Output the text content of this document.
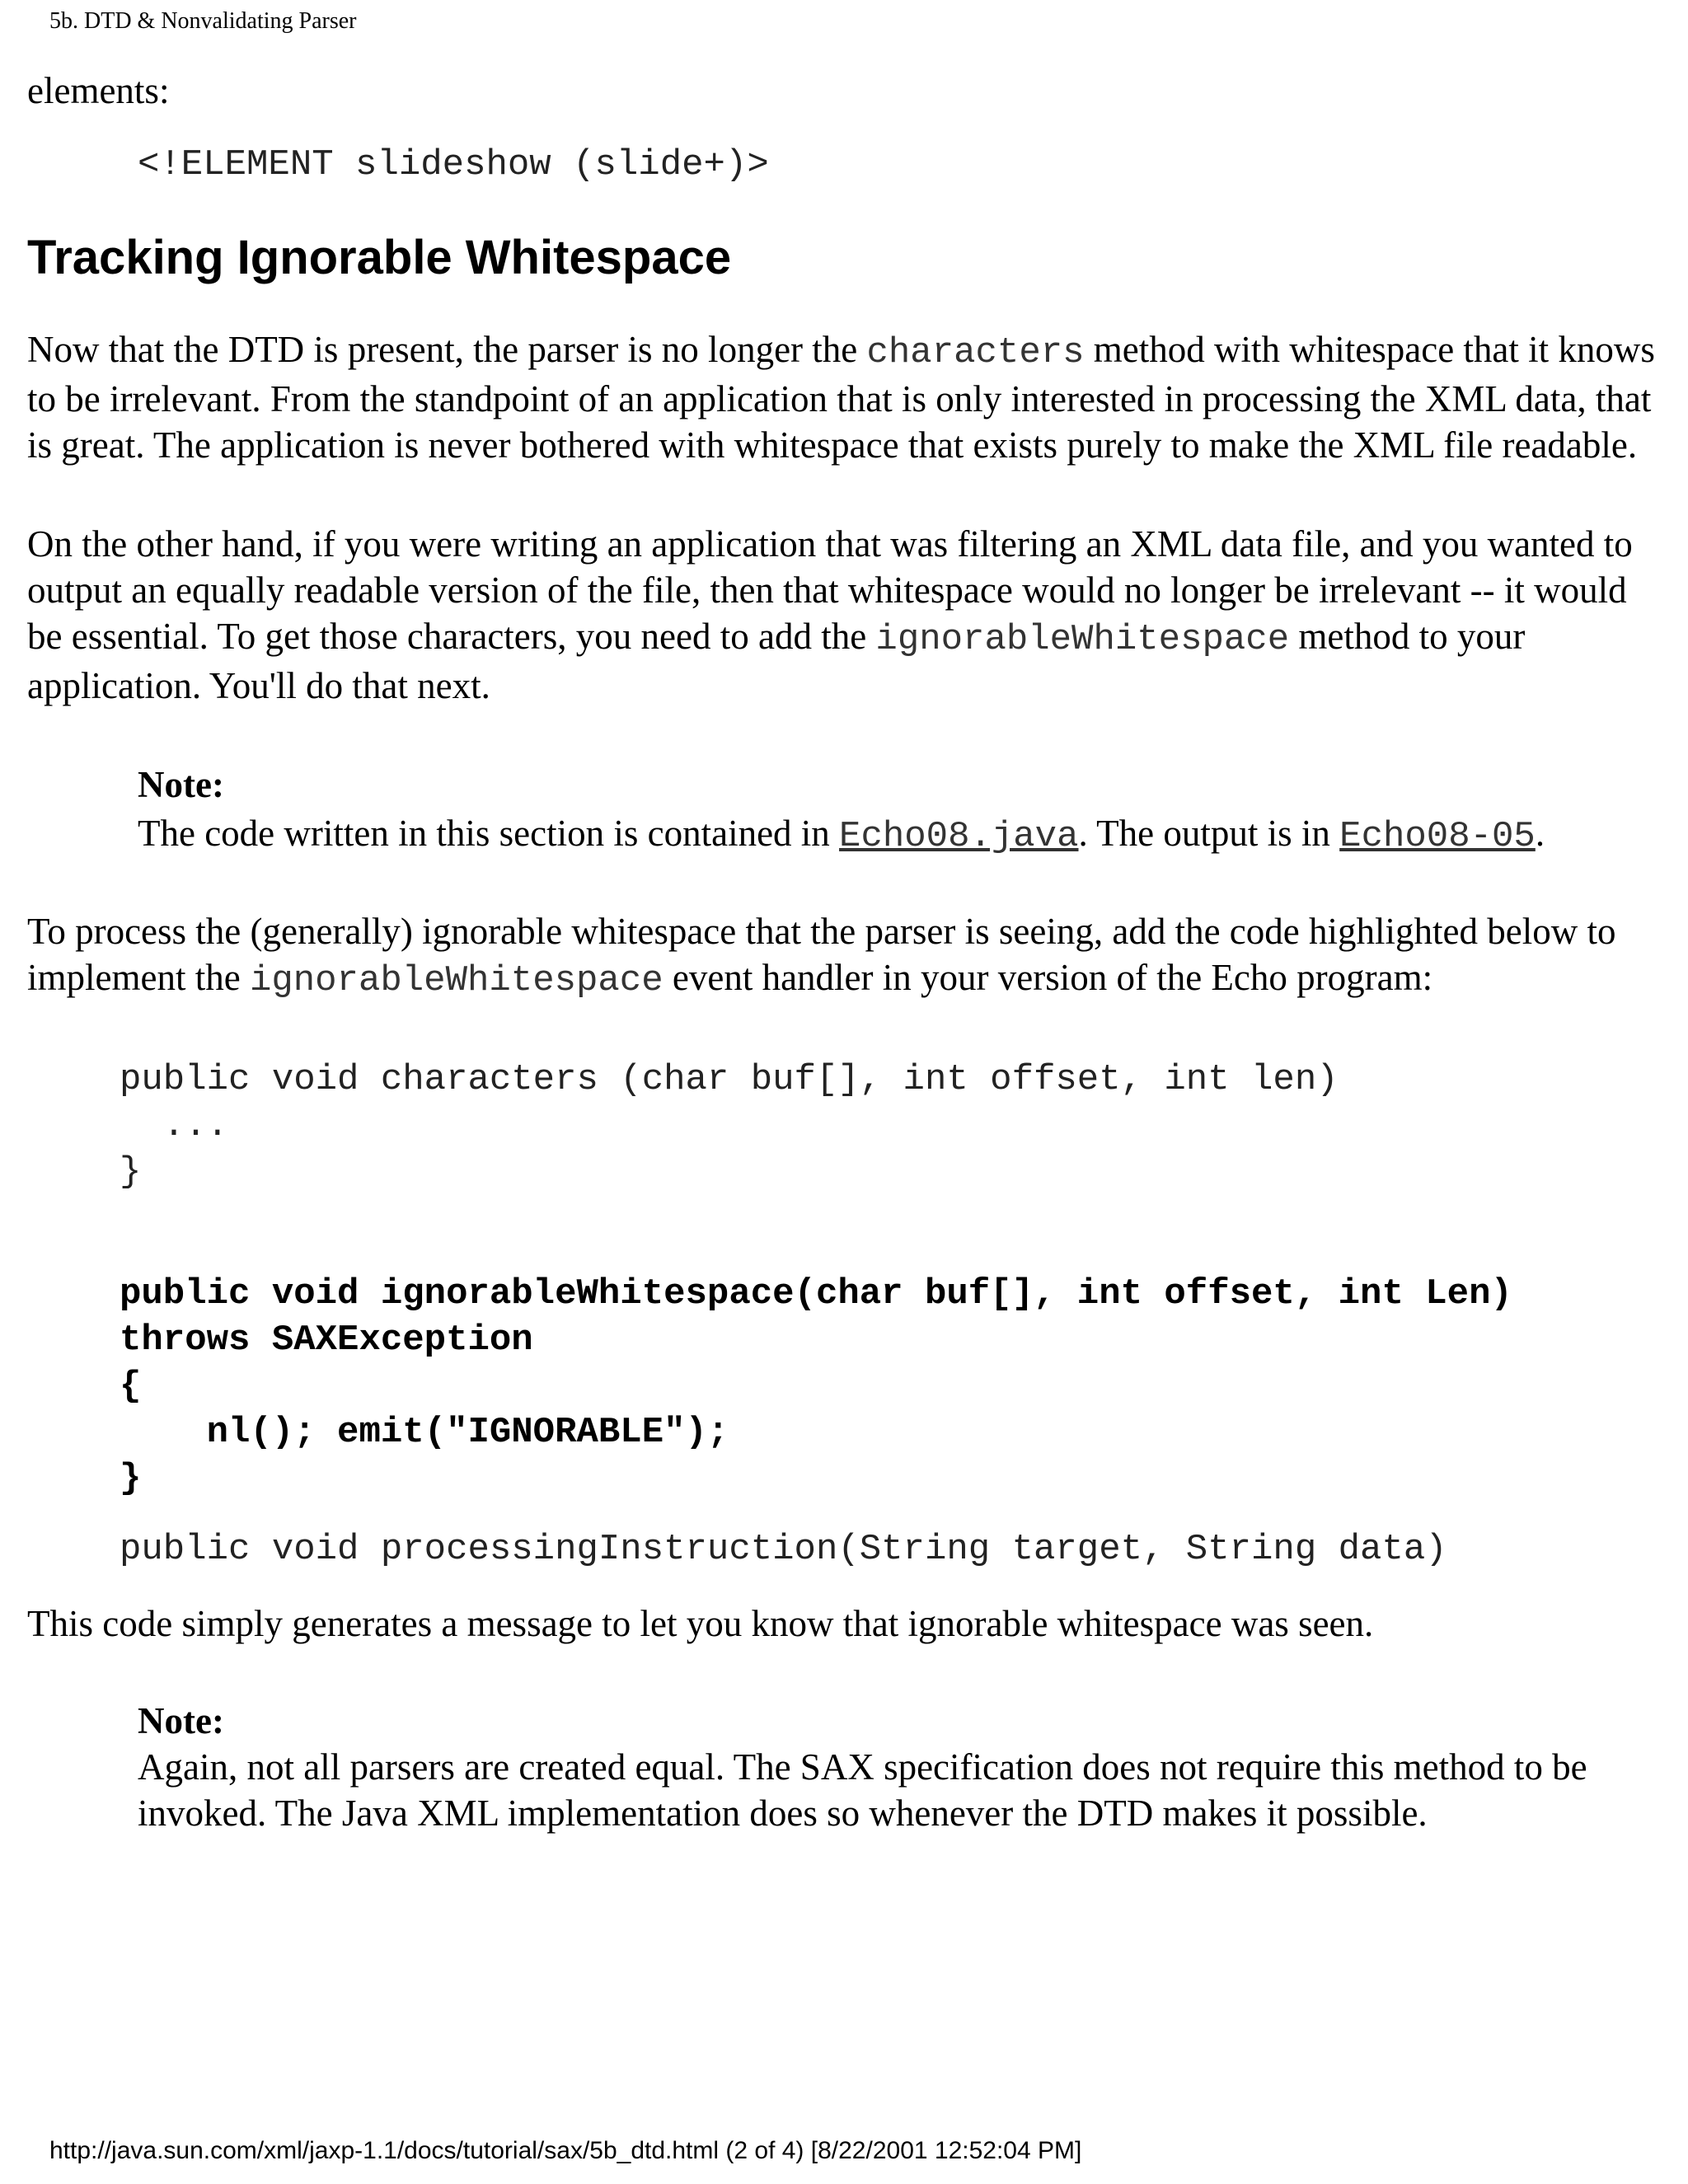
5b. DTD & Nonvalidating Parser

elements:

<!ELEMENT slideshow (slide+)>
Tracking Ignorable Whitespace

Now that the DTD is present, the parser is no longer the characters method with whitespace that it knows to be irrelevant. From the standpoint of an application that is only interested in processing the XML data, that is great. The application is never bothered with whitespace that exists purely to make the XML file readable.

On the other hand, if you were writing an application that was filtering an XML data file, and you wanted to output an equally readable version of the file, then that whitespace would no longer be irrelevant -- it would be essential. To get those characters, you need to add the ignorableWhitespace method to your application. You'll do that next.

Note:
The code written in this section is contained in Echo08.java. The output is in Echo08-05.

To process the (generally) ignorable whitespace that the parser is seeing, add the code highlighted below to implement the ignorableWhitespace event handler in your version of the Echo program:

public void characters (char buf[], int offset, int len)
...
}
public void ignorableWhitespace(char buf[], int offset, int Len)
throws SAXException
{
nl(); emit("IGNORABLE");
}
public void processingInstruction(String target, String data)

This code simply generates a message to let you know that ignorable whitespace was seen.

Note:
Again, not all parsers are created equal. The SAX specification does not require this method to be invoked. The Java XML implementation does so whenever the DTD makes it possible.
http://java.sun.com/xml/jaxp-1.1/docs/tutorial/sax/5b_dtd.html (2 of 4) [8/22/2001 12:52:04 PM]
